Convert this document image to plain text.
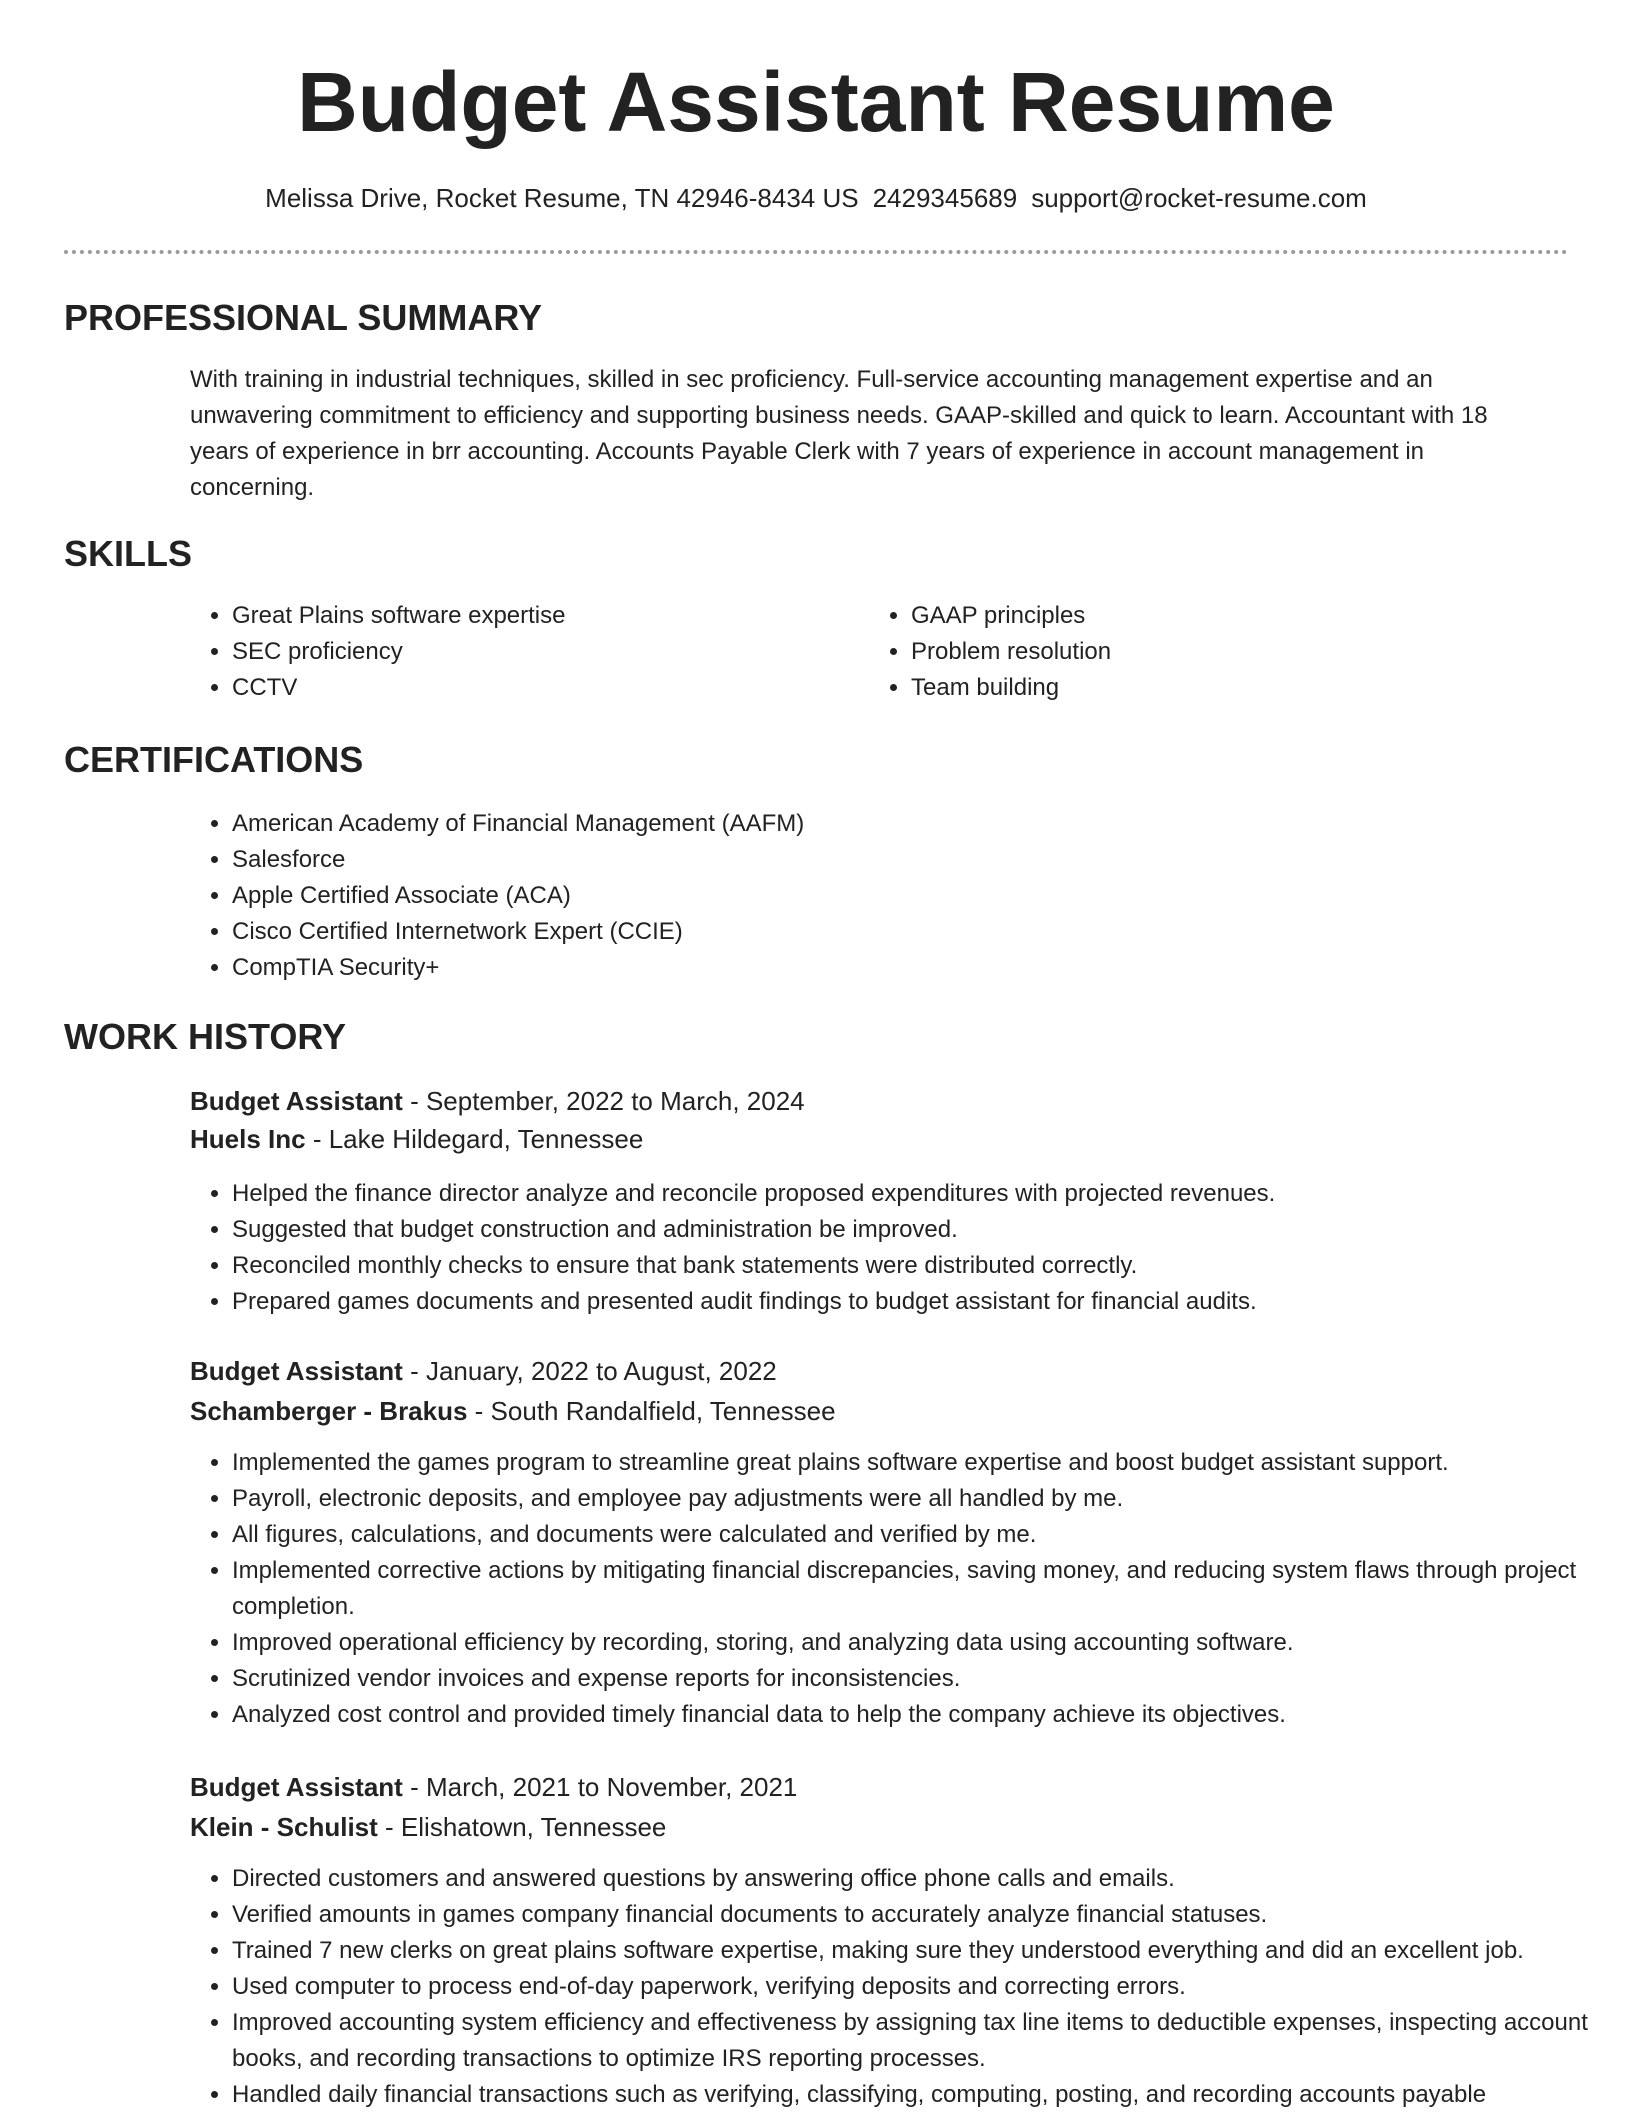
Budget Assistant Resume
Melissa Drive, Rocket Resume, TN 42946-8434 US 2429345689 support@rocket-resume.com
PROFESSIONAL SUMMARY

With training in industrial techniques, skilled in sec proficiency. Full-service accounting management expertise and an unwavering commitment to efficiency and supporting business needs. GAAP-skilled and quick to learn. Accountant with 18 years of experience in brr accounting. Accounts Payable Clerk with 7 years of experience in account management in concerning.

SKILLS
• Great Plains software expertise
• SEC proficiency
• CCTV
• GAAP principles
• Problem resolution
• Team building
CERTIFICATIONS
• American Academy of Financial Management (AAFM)
• Salesforce
• Apple Certified Associate (ACA)
• Cisco Certified Internetwork Expert (CCIE)
• CompTIA Security+
WORK HISTORY
Budget Assistant - September, 2022 to March, 2024
Huels Inc - Lake Hildegard, Tennessee
• Helped the finance director analyze and reconcile proposed expenditures with projected revenues.
• Suggested that budget construction and administration be improved.
• Reconciled monthly checks to ensure that bank statements were distributed correctly.
• Prepared games documents and presented audit findings to budget assistant for financial audits.
Budget Assistant - January, 2022 to August, 2022
Schamberger - Brakus - South Randalfield, Tennessee
• Implemented the games program to streamline great plains software expertise and boost budget assistant support.
• Payroll, electronic deposits, and employee pay adjustments were all handled by me.
• All figures, calculations, and documents were calculated and verified by me.
• Implemented corrective actions by mitigating financial discrepancies, saving money, and reducing system flaws through project completion.
• Improved operational efficiency by recording, storing, and analyzing data using accounting software.
• Scrutinized vendor invoices and expense reports for inconsistencies.
• Analyzed cost control and provided timely financial data to help the company achieve its objectives.
Budget Assistant - March, 2021 to November, 2021
Klein - Schulist - Elishatown, Tennessee
• Directed customers and answered questions by answering office phone calls and emails.
• Verified amounts in games company financial documents to accurately analyze financial statuses.
• Trained 7 new clerks on great plains software expertise, making sure they understood everything and did an excellent job.
• Used computer to process end-of-day paperwork, verifying deposits and correcting errors.
• Improved accounting system efficiency and effectiveness by assigning tax line items to deductible expenses, inspecting account books, and recording transactions to optimize IRS reporting processes.
• Handled daily financial transactions such as verifying, classifying, computing, posting, and recording accounts payable
